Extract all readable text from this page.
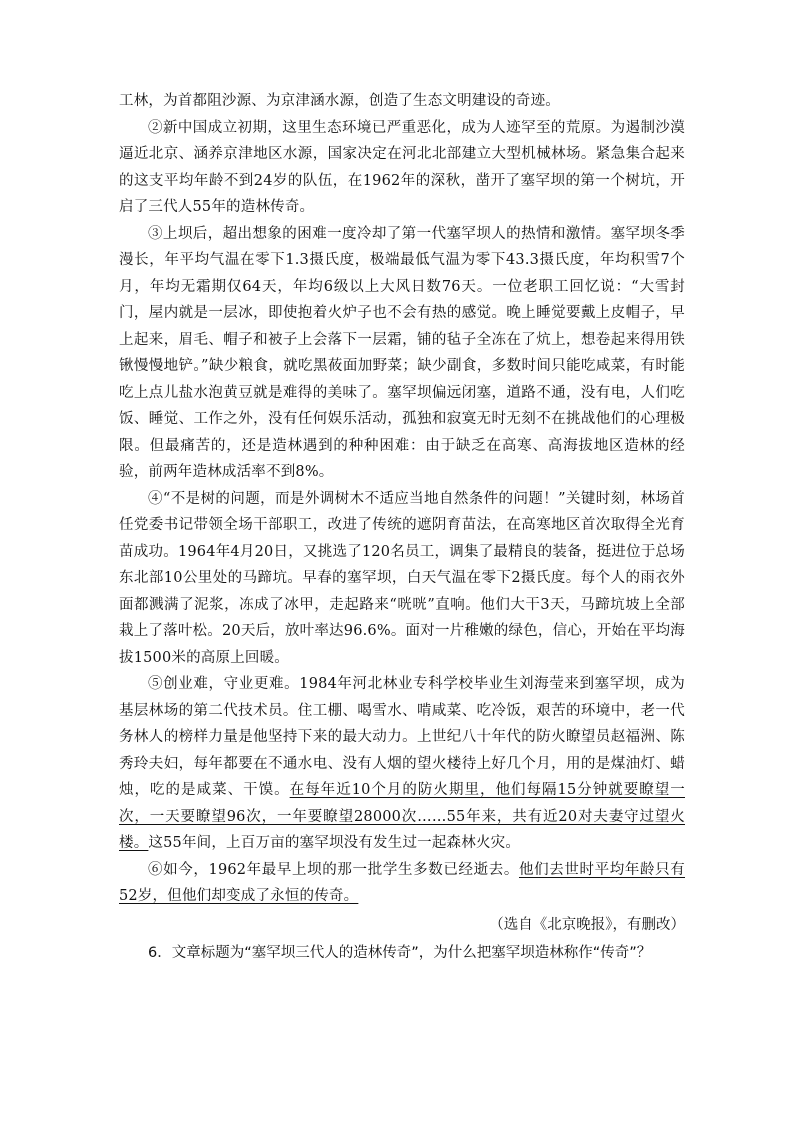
工林，为首都阻沙源、为京津涵水源，创造了生态文明建设的奇迹。

②新中国成立初期，这里生态环境已严重恶化，成为人迹罕至的荒原。为遏制沙漠逼近北京、涵养京津地区水源，国家决定在河北北部建立大型机械林场。紧急集合起来的这支平均年龄不到24岁的队伍，在1962年的深秋，凿开了塞罕坝的第一个树坑，开启了三代人55年的造林传奇。

③上坝后，超出想象的困难一度冷却了第一代塞罕坝人的热情和激情。塞罕坝冬季漫长，年平均气温在零下1.3摄氏度，极端最低气温为零下43.3摄氏度，年均积雪7个月，年均无霜期仅64天，年均6级以上大风日数76天。一位老职工回忆说：“大雪封门，屋内就是一层冰，即使抱着火炉子也不会有热的感觉。晚上睡觉要戴上皮帽子，早上起来，眉毛、帽子和被子上会落下一层霜，铺的毡子全冻在了炕上，想卷起来得用铁锹慢慢地铲。”缺少粮食，就吃黑莜面加野菜；缺少副食，多数时间只能吃咸菜，有时能吃上点儿盐水泡黄豆就是难得的美味了。塞罕坝偏远闭塞，道路不通，没有电，人们吃饭、睡觉、工作之外，没有任何娱乐活动，孤独和寂寞无时无刻不在挑战他们的心理极限。但最痛苦的，还是造林遇到的种种困难：由于缺乏在高寒、高海拔地区造林的经验，前两年造林成活率不到8%。

④“不是树的问题，而是外调树木不适应当地自然条件的问题！”关键时刻，林场首任党委书记带领全场干部职工，改进了传统的遮阴育苗法，在高寒地区首次取得全光育苗成功。1964年4月20日，又挑选了120名员工，调集了最精良的装备，挺进位于总场东北部10公里处的马蹄坑。早春的塞罕坝，白天气温在零下2摄氏度。每个人的雨衣外面都溅满了泥浆，冻成了冰甲，走起路来“咣咣”直响。他们大干3天，马蹄坑坡上全部栽上了落叶松。20天后，放叶率达96.6%。面对一片稚嫩的绿色，信心，开始在平均海拔1500米的高原上回暖。

⑤创业难，守业更难。1984年河北林业专科学校毕业生刘海莹来到塞罕坝，成为基层林场的第二代技术员。住工棚、喝雪水、啃咸菜、吃冷饭，艰苦的环境中，老一代务林人的榜样力量是他坚持下来的最大动力。上世纪八十年代的防火瞭望员赵福洲、陈秀玲夫妇，每年都要在不通水电、没有人烟的望火楼待上好几个月，用的是煤油灯、蜡烛，吃的是咸菜、干馍。在每年近10个月的防火期里，他们每隔15分钟就要瞭望一次，一天要瞭望96次，一年要瞭望28000次……55年来，共有近20对夫妻守过望火楼。这55年间，上百万亩的塞罕坝没有发生过一起森林火灾。

⑥如今，1962年最早上坝的那一批学生多数已经逝去。他们去世时平均年龄只有52岁，但他们却变成了永恒的传奇。

（选自《北京晚报》，有删改）

6．文章标题为“塞罕坝三代人的造林传奇”，为什么把塞罕坝造林称作“传奇”？
